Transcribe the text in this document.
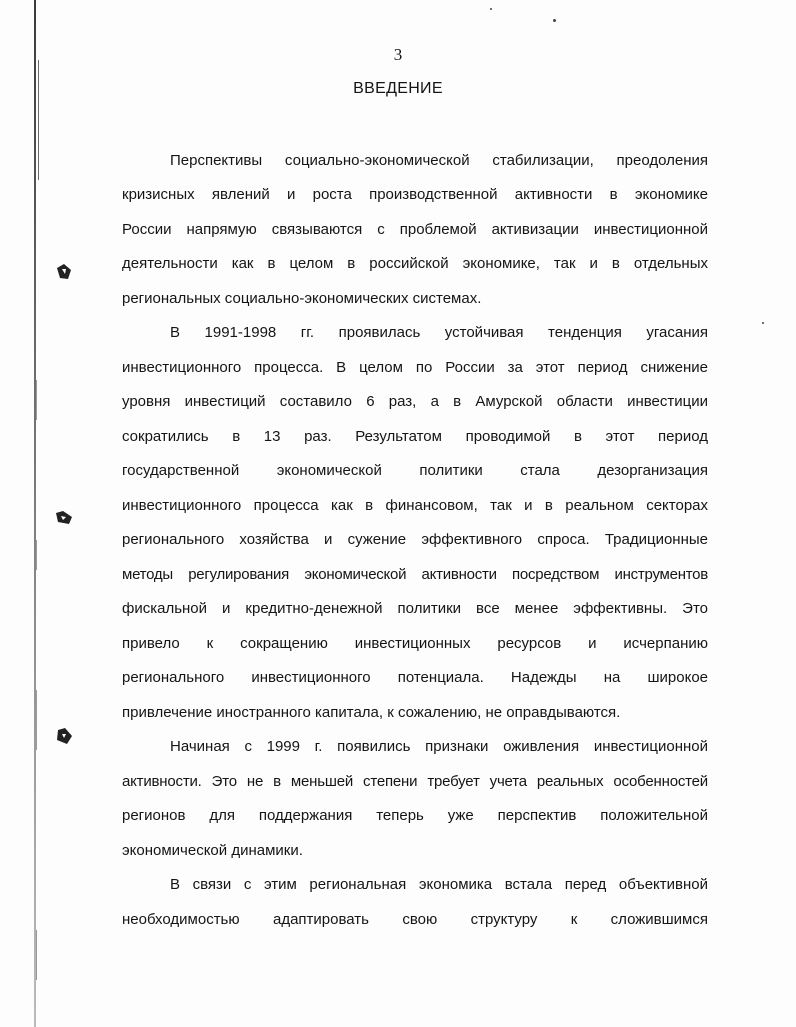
3
ВВЕДЕНИЕ
Перспективы социально-экономической стабилизации, преодоления
кризисных явлений и роста производственной активности в экономике
России напрямую связываются с проблемой активизации инвестиционной
деятельности как в целом в российской экономике, так и в отдельных
региональных социально-экономических системах.
В 1991-1998 гг. проявилась устойчивая тенденция угасания
инвестиционного процесса. В целом по России за этот период снижение
уровня инвестиций составило 6 раз, а в Амурской области инвестиции
сократились в 13 раз. Результатом проводимой в этот период
государственной экономической политики стала дезорганизация
инвестиционного процесса как в финансовом, так и в реальном секторах
регионального хозяйства и сужение эффективного спроса. Традиционные
методы регулирования экономической активности посредством инструментов
фискальной и кредитно-денежной политики все менее эффективны. Это
привело к сокращению инвестиционных ресурсов и исчерпанию
регионального инвестиционного потенциала. Надежды на широкое
привлечение иностранного капитала, к сожалению, не оправдываются.
Начиная с 1999 г. появились признаки оживления инвестиционной
активности. Это не в меньшей степени требует учета реальных особенностей
регионов для поддержания теперь уже перспектив положительной
экономической динамики.
В связи с этим региональная экономика встала перед объективной
необходимостью адаптировать свою структуру к сложившимся
